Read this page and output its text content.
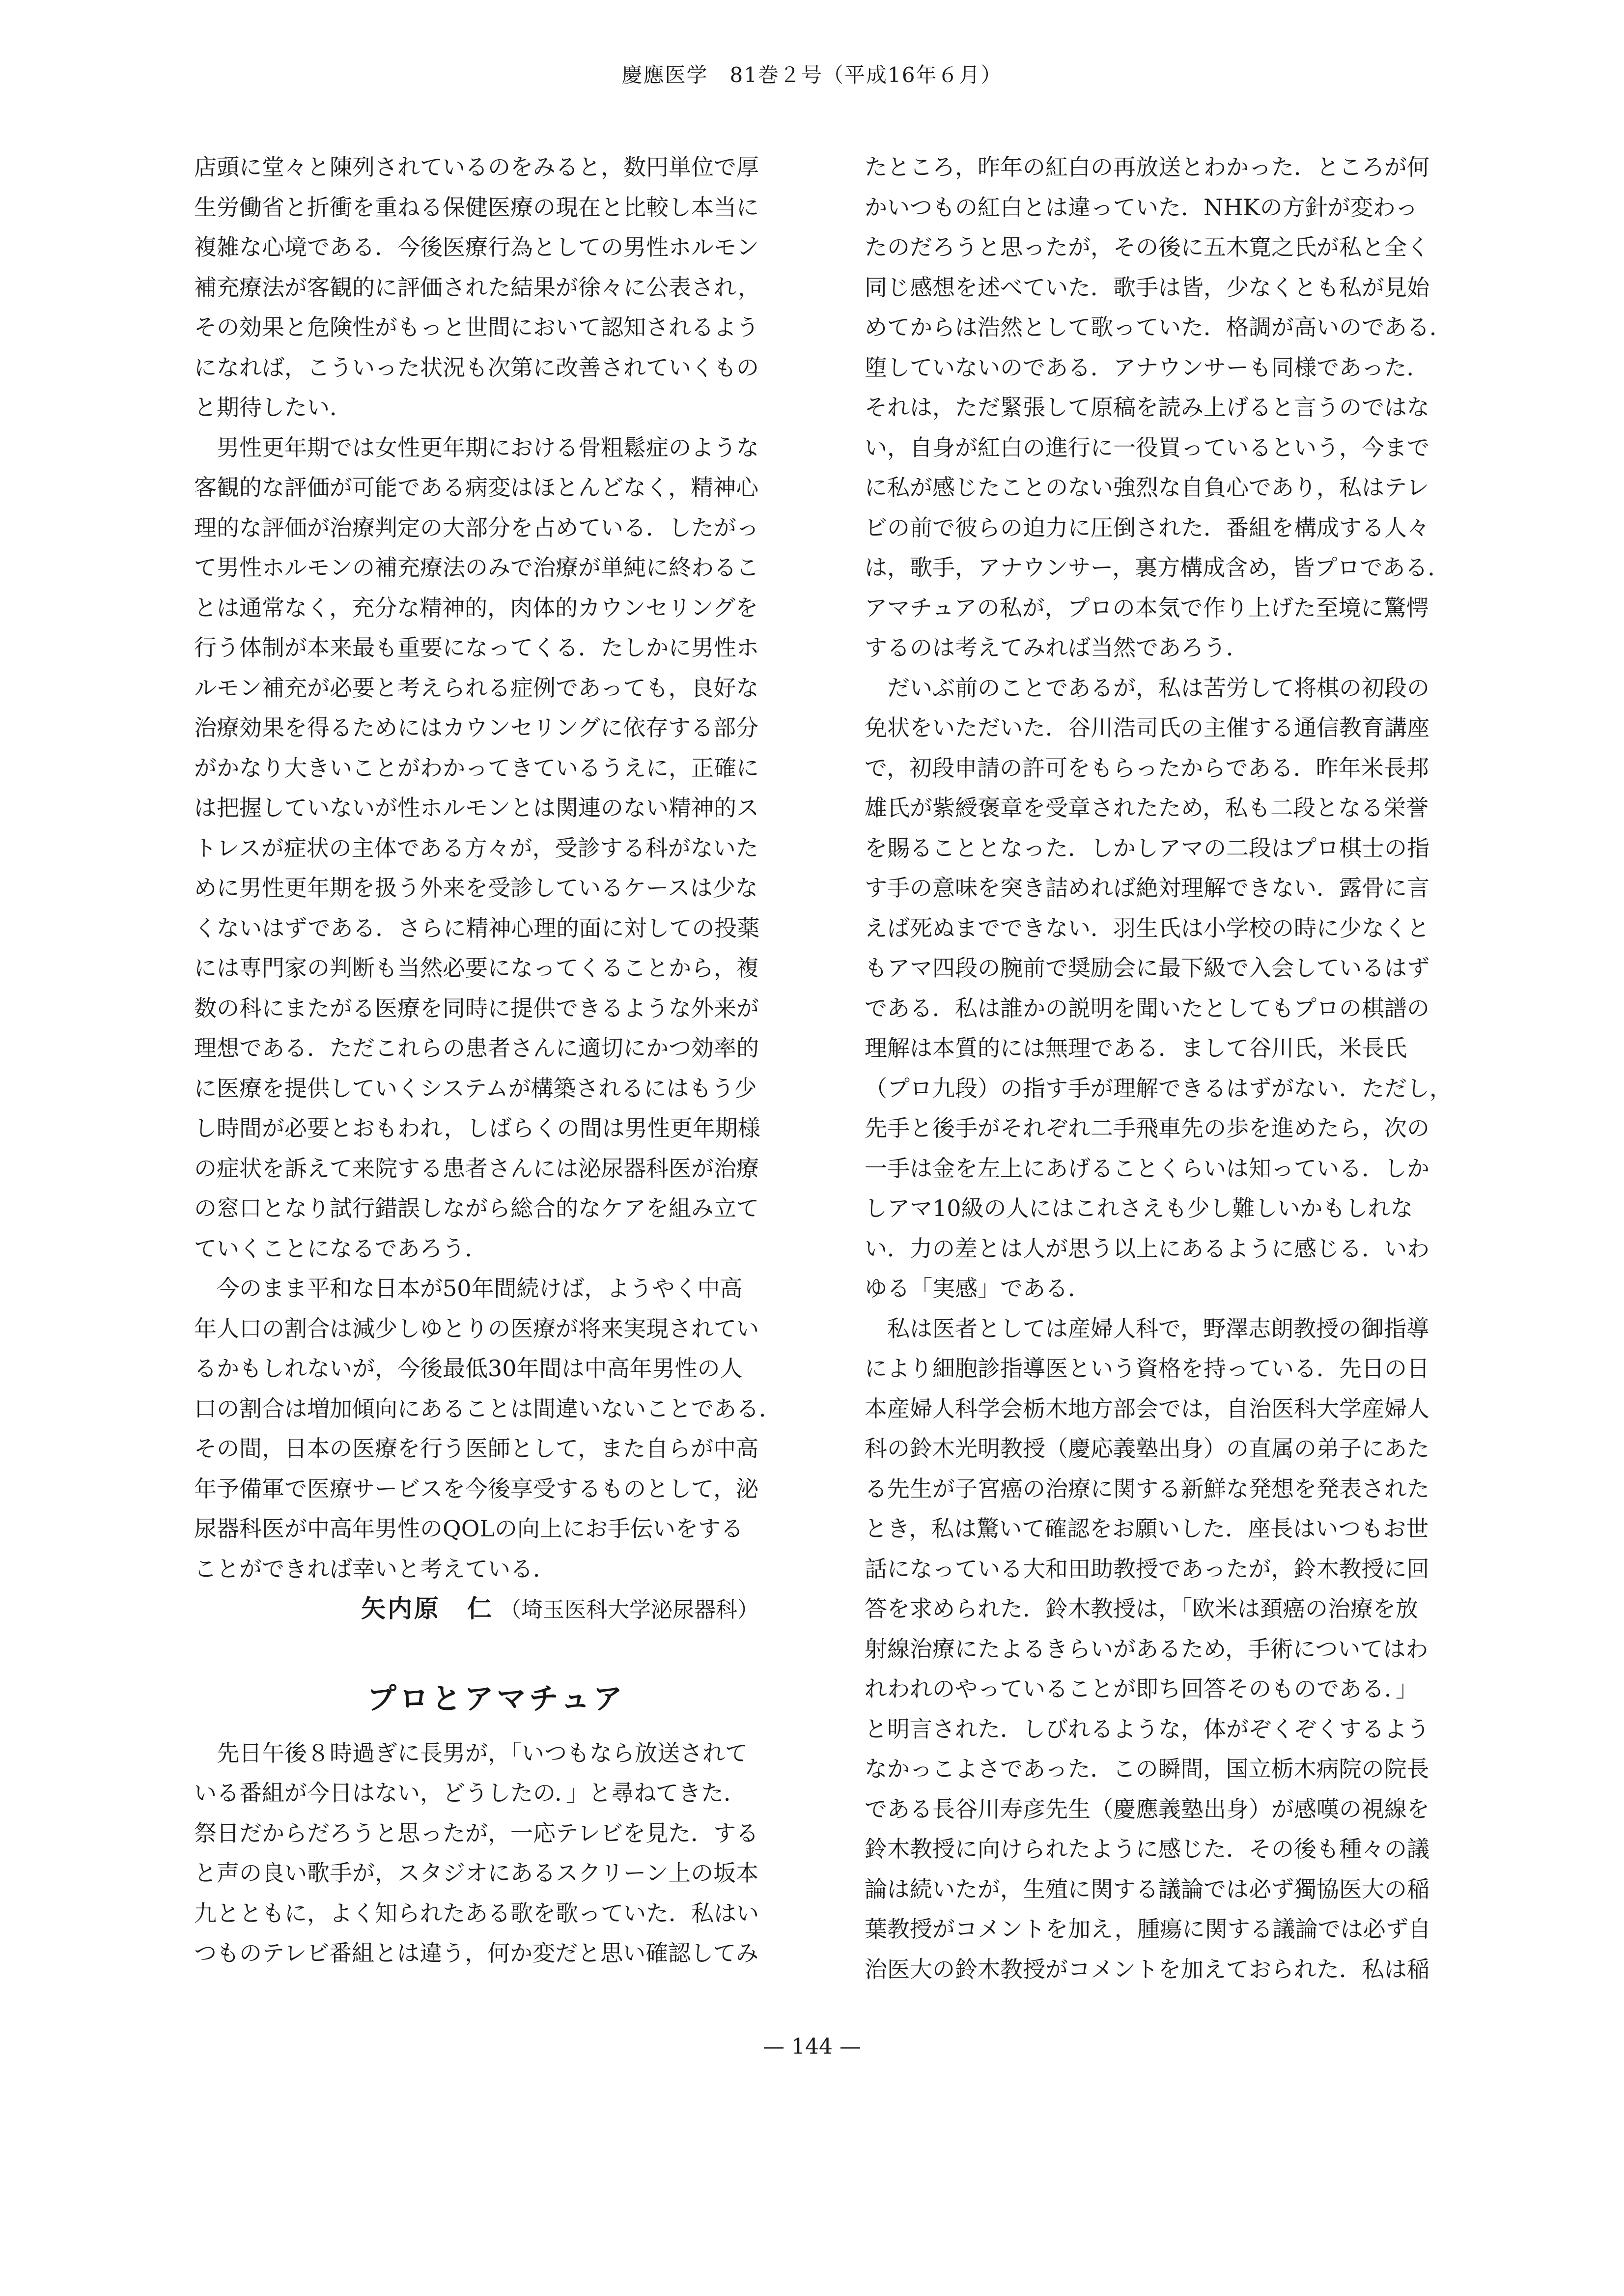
慶應医学　81巻２号（平成16年６月）
店頭に堂々と陳列されているのをみると，数円単位で厚
生労働省と折衝を重ねる保健医療の現在と比較し本当に
複雑な心境である．今後医療行為としての男性ホルモン
補充療法が客観的に評価された結果が徐々に公表され，
その効果と危険性がもっと世間において認知されるよう
になれば，こういった状況も次第に改善されていくもの
と期待したい．
　男性更年期では女性更年期における骨粗鬆症のような
客観的な評価が可能である病変はほとんどなく，精神心
理的な評価が治療判定の大部分を占めている．したがっ
て男性ホルモンの補充療法のみで治療が単純に終わるこ
とは通常なく，充分な精神的，肉体的カウンセリングを
行う体制が本来最も重要になってくる．たしかに男性ホ
ルモン補充が必要と考えられる症例であっても，良好な
治療効果を得るためにはカウンセリングに依存する部分
がかなり大きいことがわかってきているうえに，正確に
は把握していないが性ホルモンとは関連のない精神的ス
トレスが症状の主体である方々が，受診する科がないた
めに男性更年期を扱う外来を受診しているケースは少な
くないはずである．さらに精神心理的面に対しての投薬
には専門家の判断も当然必要になってくることから，複
数の科にまたがる医療を同時に提供できるような外来が
理想である．ただこれらの患者さんに適切にかつ効率的
に医療を提供していくシステムが構築されるにはもう少
し時間が必要とおもわれ，しばらくの間は男性更年期様
の症状を訴えて来院する患者さんには泌尿器科医が治療
の窓口となり試行錯誤しながら総合的なケアを組み立て
ていくことになるであろう．
　今のまま平和な日本が50年間続けば，ようやく中高
年人口の割合は減少しゆとりの医療が将来実現されてい
るかもしれないが，今後最低30年間は中高年男性の人
口の割合は増加傾向にあることは間違いないことである．
その間，日本の医療を行う医師として，また自らが中高
年予備軍で医療サービスを今後享受するものとして，泌
尿器科医が中高年男性のQOLの向上にお手伝いをする
ことができれば幸いと考えている．
矢内原　仁 （埼玉医科大学泌尿器科）
プロとアマチュア
　先日午後８時過ぎに長男が，「いつもなら放送されて
いる番組が今日はない，どうしたの．」と尋ねてきた．
祭日だからだろうと思ったが，一応テレビを見た．する
と声の良い歌手が，スタジオにあるスクリーン上の坂本
九とともに，よく知られたある歌を歌っていた．私はい
つものテレビ番組とは違う，何か変だと思い確認してみ
たところ，昨年の紅白の再放送とわかった．ところが何
かいつもの紅白とは違っていた．NHKの方針が変わっ
たのだろうと思ったが，その後に五木寛之氏が私と全く
同じ感想を述べていた．歌手は皆，少なくとも私が見始
めてからは浩然として歌っていた．格調が高いのである．
堕していないのである．アナウンサーも同様であった．
それは，ただ緊張して原稿を読み上げると言うのではな
い，自身が紅白の進行に一役買っているという，今まで
に私が感じたことのない強烈な自負心であり，私はテレ
ビの前で彼らの迫力に圧倒された．番組を構成する人々
は，歌手，アナウンサー，裏方構成含め，皆プロである．
アマチュアの私が，プロの本気で作り上げた至境に驚愕
するのは考えてみれば当然であろう．
　だいぶ前のことであるが，私は苦労して将棋の初段の
免状をいただいた．谷川浩司氏の主催する通信教育講座
で，初段申請の許可をもらったからである．昨年米長邦
雄氏が紫綬褒章を受章されたため，私も二段となる栄誉
を賜ることとなった．しかしアマの二段はプロ棋士の指
す手の意味を突き詰めれば絶対理解できない．露骨に言
えば死ぬまでできない．羽生氏は小学校の時に少なくと
もアマ四段の腕前で奨励会に最下級で入会しているはず
である．私は誰かの説明を聞いたとしてもプロの棋譜の
理解は本質的には無理である．まして谷川氏，米長氏
（プロ九段）の指す手が理解できるはずがない．ただし，
先手と後手がそれぞれ二手飛車先の歩を進めたら，次の
一手は金を左上にあげることくらいは知っている．しか
しアマ10級の人にはこれさえも少し難しいかもしれな
い．力の差とは人が思う以上にあるように感じる．いわ
ゆる「実感」である．
　私は医者としては産婦人科で，野澤志朗教授の御指導
により細胞診指導医という資格を持っている．先日の日
本産婦人科学会栃木地方部会では，自治医科大学産婦人
科の鈴木光明教授（慶応義塾出身）の直属の弟子にあた
る先生が子宮癌の治療に関する新鮮な発想を発表された
とき，私は驚いて確認をお願いした．座長はいつもお世
話になっている大和田助教授であったが，鈴木教授に回
答を求められた．鈴木教授は，「欧米は頚癌の治療を放
射線治療にたよるきらいがあるため，手術についてはわ
れわれのやっていることが即ち回答そのものである．」
と明言された．しびれるような，体がぞくぞくするよう
なかっこよさであった．この瞬間，国立栃木病院の院長
である長谷川寿彦先生（慶應義塾出身）が感嘆の視線を
鈴木教授に向けられたように感じた．その後も種々の議
論は続いたが，生殖に関する議論では必ず獨協医大の稲
葉教授がコメントを加え，腫瘍に関する議論では必ず自
治医大の鈴木教授がコメントを加えておられた．私は稲
— 144 —
